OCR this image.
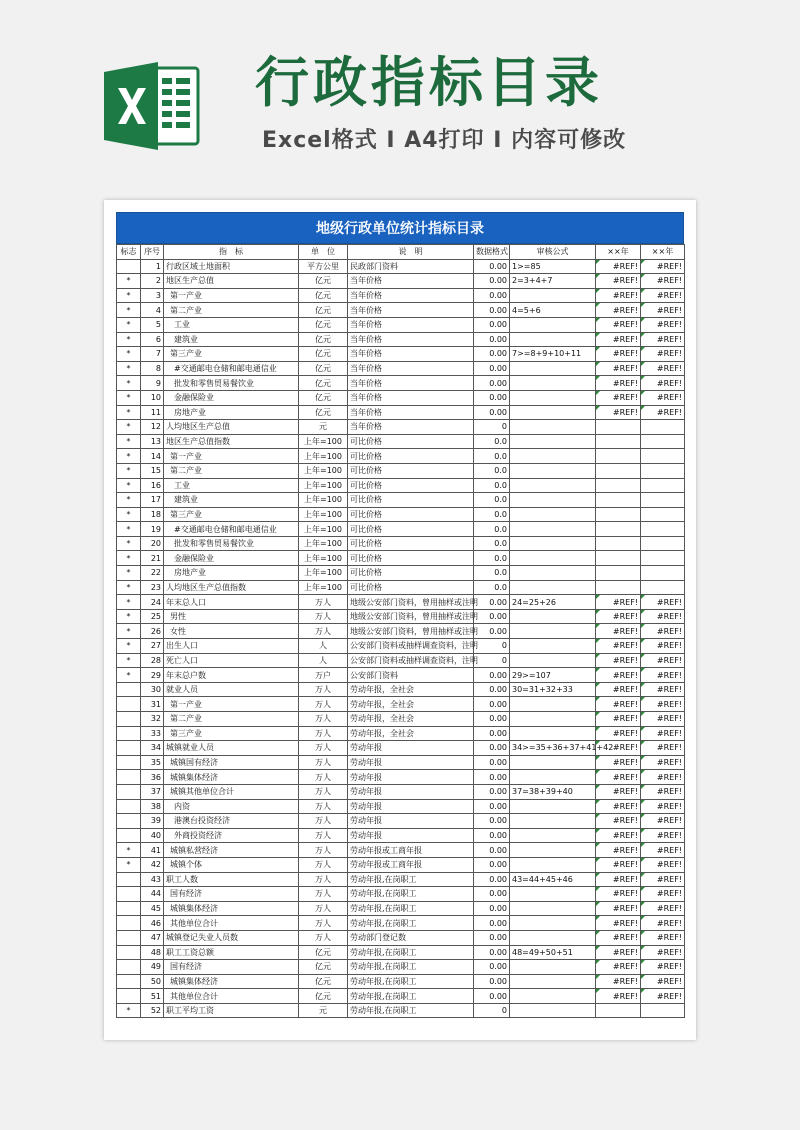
行政指标目录
Excel格式 I A4打印 I 内容可修改
地级行政单位统计指标目录
标志	序号	指　标	单　位	说　明	数据格式	审核公式	××年	××年
	1	行政区域土地面积	平方公里	民政部门资料	0.00	1>=85	#REF!	#REF!
*	2	地区生产总值	亿元	当年价格	0.00	2=3+4+7	#REF!	#REF!
*	3	第一产业	亿元	当年价格	0.00		#REF!	#REF!
*	4	第二产业	亿元	当年价格	0.00	4=5+6	#REF!	#REF!
*	5	工业	亿元	当年价格	0.00		#REF!	#REF!
*	6	建筑业	亿元	当年价格	0.00		#REF!	#REF!
*	7	第三产业	亿元	当年价格	0.00	7>=8+9+10+11	#REF!	#REF!
*	8	#交通邮电仓储和邮电通信业	亿元	当年价格	0.00		#REF!	#REF!
*	9	批发和零售贸易餐饮业	亿元	当年价格	0.00		#REF!	#REF!
*	10	金融保险业	亿元	当年价格	0.00		#REF!	#REF!
*	11	房地产业	亿元	当年价格	0.00		#REF!	#REF!
*	12	人均地区生产总值	元	当年价格	0			
*	13	地区生产总值指数	上年=100	可比价格	0.0			
*	14	第一产业	上年=100	可比价格	0.0			
*	15	第二产业	上年=100	可比价格	0.0			
*	16	工业	上年=100	可比价格	0.0			
*	17	建筑业	上年=100	可比价格	0.0			
*	18	第三产业	上年=100	可比价格	0.0			
*	19	#交通邮电仓储和邮电通信业	上年=100	可比价格	0.0			
*	20	批发和零售贸易餐饮业	上年=100	可比价格	0.0			
*	21	金融保险业	上年=100	可比价格	0.0			
*	22	房地产业	上年=100	可比价格	0.0			
*	23	人均地区生产总值指数	上年=100	可比价格	0.0			
*	24	年末总人口	万人	地级公安部门资料，曾用抽样或注明	0.00	24=25+26	#REF!	#REF!
*	25	男性	万人	地级公安部门资料，曾用抽样或注明	0.00		#REF!	#REF!
*	26	女性	万人	地级公安部门资料，曾用抽样或注明	0.00		#REF!	#REF!
*	27	出生人口	人	公安部门资料或抽样调查资料，注明	0		#REF!	#REF!
*	28	死亡人口	人	公安部门资料或抽样调查资料，注明	0		#REF!	#REF!
*	29	年末总户数	万户	公安部门资料	0.00	29>=107	#REF!	#REF!
	30	就业人员	万人	劳动年报，全社会	0.00	30=31+32+33	#REF!	#REF!
	31	第一产业	万人	劳动年报，全社会	0.00		#REF!	#REF!
	32	第二产业	万人	劳动年报，全社会	0.00		#REF!	#REF!
	33	第三产业	万人	劳动年报，全社会	0.00		#REF!	#REF!
	34	城镇就业人员	万人	劳动年报	0.00	34>=35+36+37+41+42	#REF!	#REF!
	35	城镇国有经济	万人	劳动年报	0.00		#REF!	#REF!
	36	城镇集体经济	万人	劳动年报	0.00		#REF!	#REF!
	37	城镇其他单位合计	万人	劳动年报	0.00	37=38+39+40	#REF!	#REF!
	38	内资	万人	劳动年报	0.00		#REF!	#REF!
	39	港澳台投资经济	万人	劳动年报	0.00		#REF!	#REF!
	40	外商投资经济	万人	劳动年报	0.00		#REF!	#REF!
*	41	城镇私营经济	万人	劳动年报或工商年报	0.00		#REF!	#REF!
*	42	城镇个体	万人	劳动年报或工商年报	0.00		#REF!	#REF!
	43	职工人数	万人	劳动年报,在岗职工	0.00	43=44+45+46	#REF!	#REF!
	44	国有经济	万人	劳动年报,在岗职工	0.00		#REF!	#REF!
	45	城镇集体经济	万人	劳动年报,在岗职工	0.00		#REF!	#REF!
	46	其他单位合计	万人	劳动年报,在岗职工	0.00		#REF!	#REF!
	47	城镇登记失业人员数	万人	劳动部门登记数	0.00		#REF!	#REF!
	48	职工工资总额	亿元	劳动年报,在岗职工	0.00	48=49+50+51	#REF!	#REF!
	49	国有经济	亿元	劳动年报,在岗职工	0.00		#REF!	#REF!
	50	城镇集体经济	亿元	劳动年报,在岗职工	0.00		#REF!	#REF!
	51	其他单位合计	亿元	劳动年报,在岗职工	0.00		#REF!	#REF!
*	52	职工平均工资	元	劳动年报,在岗职工	0			
